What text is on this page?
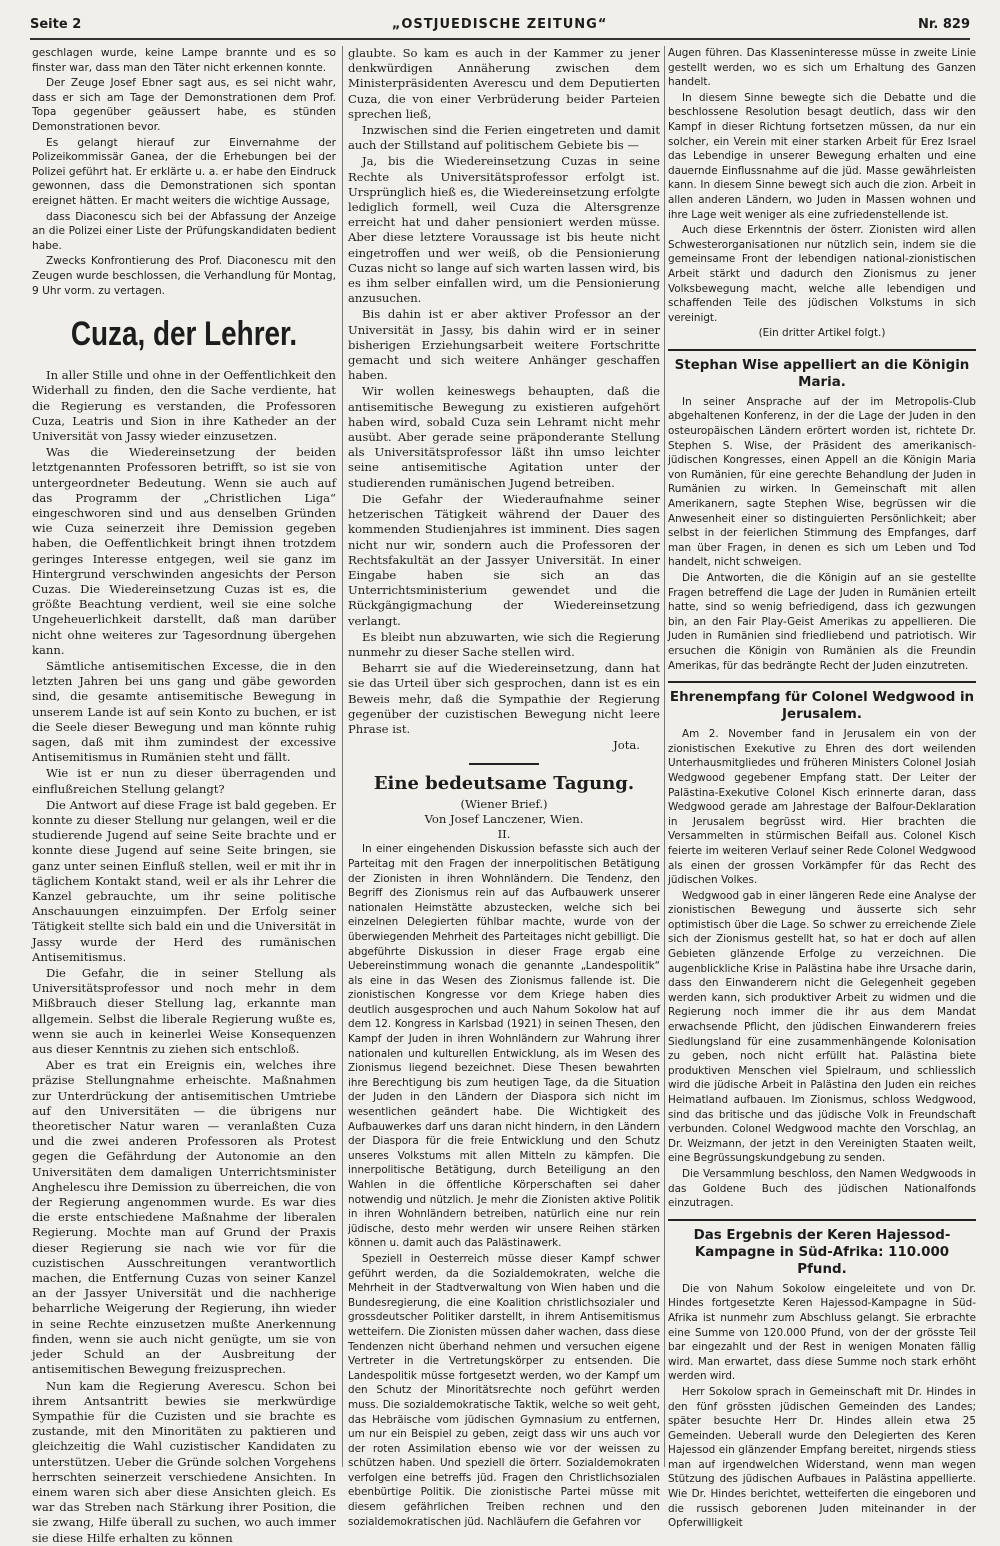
Seite 2	„OSTJUEDISCHE ZEITUNG“	Nr. 829

geschlagen wurde, keine Lampe brannte und es so finster war, dass man den Täter nicht erkennen konnte.

Der Zeuge Josef Ebner sagt aus, es sei nicht wahr, dass er sich am Tage der Demonstrationen dem Prof. Topa gegenüber geäussert habe, es stünden Demonstrationen bevor.

Es gelangt hierauf zur Einvernahme der Polizeikommissär Ganea, der die Erhebungen bei der Polizei geführt hat. Er erklärte u. a. er habe den Eindruck gewonnen, dass die Demonstrationen sich spontan ereignet hätten. Er macht weiters die wichtige Aussage,

dass Diaconescu sich bei der Abfassung der Anzeige an die Polizei einer Liste der Prüfungskandidaten bedient habe.

Zwecks Konfrontierung des Prof. Diaconescu mit den Zeugen wurde beschlossen, die Verhandlung für Montag, 9 Uhr vorm. zu vertagen.

Cuza, der Lehrer.

In aller Stille und ohne in der Oeffentlichkeit den Widerhall zu finden, den die Sache verdiente, hat die Regierung es verstanden, die Professoren Cuza, Leatris und Sion in ihre Katheder an der Universität von Jassy wieder einzusetzen.

Was die Wiedereinsetzung der beiden letztgenannten Professoren betrifft, so ist sie von untergeordneter Bedeutung. Wenn sie auch auf das Programm der „Christlichen Liga“ eingeschworen sind und aus denselben Gründen wie Cuza seinerzeit ihre Demission gegeben haben, die Oeffentlichkeit bringt ihnen trotzdem geringes Interesse entgegen, weil sie ganz im Hintergrund verschwinden angesichts der Person Cuzas. Die Wiedereinsetzung Cuzas ist es, die größte Beachtung verdient, weil sie eine solche Ungeheuerlichkeit darstellt, daß man darüber nicht ohne weiteres zur Tagesordnung übergehen kann.

Sämtliche antisemitischen Excesse, die in den letzten Jahren bei uns gang und gäbe geworden sind, die gesamte antisemitische Bewegung in unserem Lande ist auf sein Konto zu buchen, er ist die Seele dieser Bewegung und man könnte ruhig sagen, daß mit ihm zumindest der excessive Antisemitismus in Rumänien steht und fällt.

Wie ist er nun zu dieser überragenden und einflußreichen Stellung gelangt?

Die Antwort auf diese Frage ist bald gegeben. Er konnte zu dieser Stellung nur gelangen, weil er die studierende Jugend auf seine Seite brachte und er konnte diese Jugend auf seine Seite bringen, sie ganz unter seinen Einfluß stellen, weil er mit ihr in täglichem Kontakt stand, weil er als ihr Lehrer die Kanzel gebrauchte, um ihr seine politische Anschauungen einzuimpfen. Der Erfolg seiner Tätigkeit stellte sich bald ein und die Universität in Jassy wurde der Herd des rumänischen Antisemitismus.

Die Gefahr, die in seiner Stellung als Universitätsprofessor und noch mehr in dem Mißbrauch dieser Stellung lag, erkannte man allgemein. Selbst die liberale Regierung wußte es, wenn sie auch in keinerlei Weise Konsequenzen aus dieser Kenntnis zu ziehen sich entschloß.

Aber es trat ein Ereignis ein, welches ihre präzise Stellungnahme erheischte. Maßnahmen zur Unterdrückung der antisemitischen Umtriebe auf den Universitäten — die übrigens nur theoretischer Natur waren — veranlaßten Cuza und die zwei anderen Professoren als Protest gegen die Gefährdung der Autonomie an den Universitäten dem damaligen Unterrichtsminister Anghelescu ihre Demission zu überreichen, die von der Regierung angenommen wurde. Es war dies die erste entschiedene Maßnahme der liberalen Regierung. Mochte man auf Grund der Praxis dieser Regierung sie nach wie vor für die cuzistischen Ausschreitungen verantwortlich machen, die Entfernung Cuzas von seiner Kanzel an der Jassyer Universität und die nachherige beharrliche Weigerung der Regierung, ihn wieder in seine Rechte einzusetzen mußte Anerkennung finden, wenn sie auch nicht genügte, um sie von jeder Schuld an der Ausbreitung der antisemitischen Bewegung freizusprechen.

Nun kam die Regierung Averescu. Schon bei ihrem Antsantritt bewies sie merkwürdige Sympathie für die Cuzisten und sie brachte es zustande, mit den Minoritäten zu paktieren und gleichzeitig die Wahl cuzistischer Kandidaten zu unterstützen. Ueber die Gründe solchen Vorgehens herrschten seinerzeit verschiedene Ansichten. In einem waren sich aber diese Ansichten gleich. Es war das Streben nach Stärkung ihrer Position, die sie zwang, Hilfe überall zu suchen, wo auch immer sie diese Hilfe erhalten zu können

glaubte. So kam es auch in der Kammer zu jener denkwürdigen Annäherung zwischen dem Ministerpräsidenten Averescu und dem Deputierten Cuza, die von einer Verbrüderung beider Parteien sprechen ließ,

Inzwischen sind die Ferien eingetreten und damit auch der Stillstand auf politischem Gebiete bis —

Ja, bis die Wiedereinsetzung Cuzas in seine Rechte als Universitätsprofessor erfolgt ist. Ursprünglich hieß es, die Wiedereinsetzung erfolgte lediglich formell, weil Cuza die Altersgrenze erreicht hat und daher pensioniert werden müsse. Aber diese letztere Voraussage ist bis heute nicht eingetroffen und wer weiß, ob die Pensionierung Cuzas nicht so lange auf sich warten lassen wird, bis es ihm selber einfallen wird, um die Pensionierung anzusuchen.

Bis dahin ist er aber aktiver Professor an der Universität in Jassy, bis dahin wird er in seiner bisherigen Erziehungsarbeit weitere Fortschritte gemacht und sich weitere Anhänger geschaffen haben.

Wir wollen keineswegs behaupten, daß die antisemitische Bewegung zu existieren aufgehört haben wird, sobald Cuza sein Lehramt nicht mehr ausübt. Aber gerade seine präponderante Stellung als Universitätsprofessor läßt ihn umso leichter seine antisemitische Agitation unter der studierenden rumänischen Jugend betreiben.

Die Gefahr der Wiederaufnahme seiner hetzerischen Tätigkeit während der Dauer des kommenden Studienjahres ist imminent. Dies sagen nicht nur wir, sondern auch die Professoren der Rechtsfakultät an der Jassyer Universität. In einer Eingabe haben sie sich an das Unterrichtsministerium gewendet und die Rückgängigmachung der Wiedereinsetzung verlangt.

Es bleibt nun abzuwarten, wie sich die Regierung nunmehr zu dieser Sache stellen wird.

Beharrt sie auf die Wiedereinsetzung, dann hat sie das Urteil über sich gesprochen, dann ist es ein Beweis mehr, daß die Sympathie der Regierung gegenüber der cuzistischen Bewegung nicht leere Phrase ist.

Jota.
Eine bedeutsame Tagung.
(Wiener Brief.)
Von Josef Lanczener, Wien.
II.

In einer eingehenden Diskussion befasste sich auch der Parteitag mit den Fragen der innerpolitischen Betätigung der Zionisten in ihren Wohnländern. Die Tendenz, den Begriff des Zionismus rein auf das Aufbauwerk unserer nationalen Heimstätte abzustecken, welche sich bei einzelnen Delegierten fühlbar machte, wurde von der überwiegenden Mehrheit des Parteitages nicht gebilligt. Die abgeführte Diskussion in dieser Frage ergab eine Uebereinstimmung wonach die genannte „Landespolitik“ als eine in das Wesen des Zionismus fallende ist. Die zionistischen Kongresse vor dem Kriege haben dies deutlich ausgesprochen und auch Nahum Sokolow hat auf dem 12. Kongress in Karlsbad (1921) in seinen Thesen, den Kampf der Juden in ihren Wohnländern zur Wahrung ihrer nationalen und kulturellen Entwicklung, als im Wesen des Zionismus liegend bezeichnet. Diese Thesen bewahrten ihre Berechtigung bis zum heutigen Tage, da die Situation der Juden in den Ländern der Diaspora sich nicht im wesentlichen geändert habe. Die Wichtigkeit des Aufbauwerkes darf uns daran nicht hindern, in den Ländern der Diaspora für die freie Entwicklung und den Schutz unseres Volkstums mit allen Mitteln zu kämpfen. Die innerpolitische Betätigung, durch Beteiligung an den Wahlen in die öffentliche Körperschaften sei daher notwendig und nützlich. Je mehr die Zionisten aktive Politik in ihren Wohnländern betreiben, natürlich eine nur rein jüdische, desto mehr werden wir unsere Reihen stärken können u. damit auch das Palästinawerk.

Speziell in Oesterreich müsse dieser Kampf schwer geführt werden, da die Sozialdemokraten, welche die Mehrheit in der Stadtverwaltung von Wien haben und die Bundesregierung, die eine Koalition christlichsozialer und grossdeutscher Politiker darstellt, in ihrem Antisemitismus wetteifern. Die Zionisten müssen daher wachen, dass diese Tendenzen nicht überhand nehmen und versuchen eigene Vertreter in die Vertretungskörper zu entsenden. Die Landespolitik müsse fortgesetzt werden, wo der Kampf um den Schutz der Minoritätsrechte noch geführt werden muss. Die sozialdemokratische Taktik, welche so weit geht, das Hebräische vom jüdischen Gymnasium zu entfernen, um nur ein Beispiel zu geben, zeigt dass wir uns auch vor der roten Assimilation ebenso wie vor der weissen zu schützen haben. Und speziell die örterr. Sozialdemokraten verfolgen eine betreffs jüd. Fragen den Christlichsozialen ebenbürtige Politik. Die zionistische Partei müsse mit diesem gefährlichen Treiben rechnen und den sozialdemokratischen jüd. Nachläufern die Gefahren vor

Augen führen. Das Klasseninteresse müsse in zweite Linie gestellt werden, wo es sich um Erhaltung des Ganzen handelt.

In diesem Sinne bewegte sich die Debatte und die beschlossene Resolution besagt deutlich, dass wir den Kampf in dieser Richtung fortsetzen müssen, da nur ein solcher, ein Verein mit einer starken Arbeit für Erez Israel das Lebendige in unserer Bewegung erhalten und eine dauernde Einflussnahme auf die jüd. Masse gewährleisten kann. In diesem Sinne bewegt sich auch die zion. Arbeit in allen anderen Ländern, wo Juden in Massen wohnen und ihre Lage weit weniger als eine zufriedenstellende ist.

Auch diese Erkenntnis der österr. Zionisten wird allen Schwesterorganisationen nur nützlich sein, indem sie die gemeinsame Front der lebendigen national-zionistischen Arbeit stärkt und dadurch den Zionismus zu jener Volksbewegung macht, welche alle lebendigen und schaffenden Teile des jüdischen Volkstums in sich vereinigt.

(Ein dritter Artikel folgt.)

Stephan Wise appelliert an die Königin Maria.

In seiner Ansprache auf der im Metropolis-Club abgehaltenen Konferenz, in der die Lage der Juden in den osteuropäischen Ländern erörtert worden ist, richtete Dr. Stephen S. Wise, der Präsident des amerikanisch-jüdischen Kongresses, einen Appell an die Königin Maria von Rumänien, für eine gerechte Behandlung der Juden in Rumänien zu wirken. In Gemeinschaft mit allen Amerikanern, sagte Stephen Wise, begrüssen wir die Anwesenheit einer so distinguierten Persönlichkeit; aber selbst in der feierlichen Stimmung des Empfanges, darf man über Fragen, in denen es sich um Leben und Tod handelt, nicht schweigen.

Die Antworten, die die Königin auf an sie gestellte Fragen betreffend die Lage der Juden in Rumänien erteilt hatte, sind so wenig befriedigend, dass ich gezwungen bin, an den Fair Play-Geist Amerikas zu appellieren. Die Juden in Rumänien sind friedliebend und patriotisch. Wir ersuchen die Königin von Rumänien als die Freundin Amerikas, für das bedrängte Recht der Juden einzutreten.

Ehrenempfang für Colonel Wedgwood in Jerusalem.

Am 2. November fand in Jerusalem ein von der zionistischen Exekutive zu Ehren des dort weilenden Unterhausmitgliedes und früheren Ministers Colonel Josiah Wedgwood gegebener Empfang statt. Der Leiter der Palästina-Exekutive Colonel Kisch erinnerte daran, dass Wedgwood gerade am Jahrestage der Balfour-Deklaration in Jerusalem begrüsst wird. Hier brachten die Versammelten in stürmischen Beifall aus. Colonel Kisch feierte im weiteren Verlauf seiner Rede Colonel Wedgwood als einen der grossen Vorkämpfer für das Recht des jüdischen Volkes.

Wedgwood gab in einer längeren Rede eine Analyse der zionistischen Bewegung und äusserte sich sehr optimistisch über die Lage. So schwer zu erreichende Ziele sich der Zionismus gestellt hat, so hat er doch auf allen Gebieten glänzende Erfolge zu verzeichnen. Die augenblickliche Krise in Palästina habe ihre Ursache darin, dass den Einwanderern nicht die Gelegenheit gegeben werden kann, sich produktiver Arbeit zu widmen und die Regierung noch immer die ihr aus dem Mandat erwachsende Pflicht, den jüdischen Einwanderern freies Siedlungsland für eine zusammenhängende Kolonisation zu geben, noch nicht erfüllt hat. Palästina biete produktiven Menschen viel Spielraum, und schliesslich wird die jüdische Arbeit in Palästina den Juden ein reiches Heimatland aufbauen. Im Zionismus, schloss Wedgwood, sind das britische und das jüdische Volk in Freundschaft verbunden. Colonel Wedgwood machte den Vorschlag, an Dr. Weizmann, der jetzt in den Vereinigten Staaten weilt, eine Begrüssungskundgebung zu senden.

Die Versammlung beschloss, den Namen Wedgwoods in das Goldene Buch des jüdischen Nationalfonds einzutragen.

Das Ergebnis der Keren Hajessod-Kampagne in Süd-Afrika: 110.000 Pfund.

Die von Nahum Sokolow eingeleitete und von Dr. Hindes fortgesetzte Keren Hajessod-Kampagne in Süd-Afrika ist nunmehr zum Abschluss gelangt. Sie erbrachte eine Summe von 120.000 Pfund, von der der grösste Teil bar eingezahlt und der Rest in wenigen Monaten fällig wird. Man erwartet, dass diese Summe noch stark erhöht werden wird.

Herr Sokolow sprach in Gemeinschaft mit Dr. Hindes in den fünf grössten jüdischen Gemeinden des Landes; später besuchte Herr Dr. Hindes allein etwa 25 Gemeinden. Ueberall wurde den Delegierten des Keren Hajessod ein glänzender Empfang bereitet, nirgends stiess man auf irgendwelchen Widerstand, wenn man wegen Stützung des jüdischen Aufbaues in Palästina appellierte. Wie Dr. Hindes berichtet, wetteiferten die eingeboren und die russisch geborenen Juden miteinander in der Opferwilligkeit
